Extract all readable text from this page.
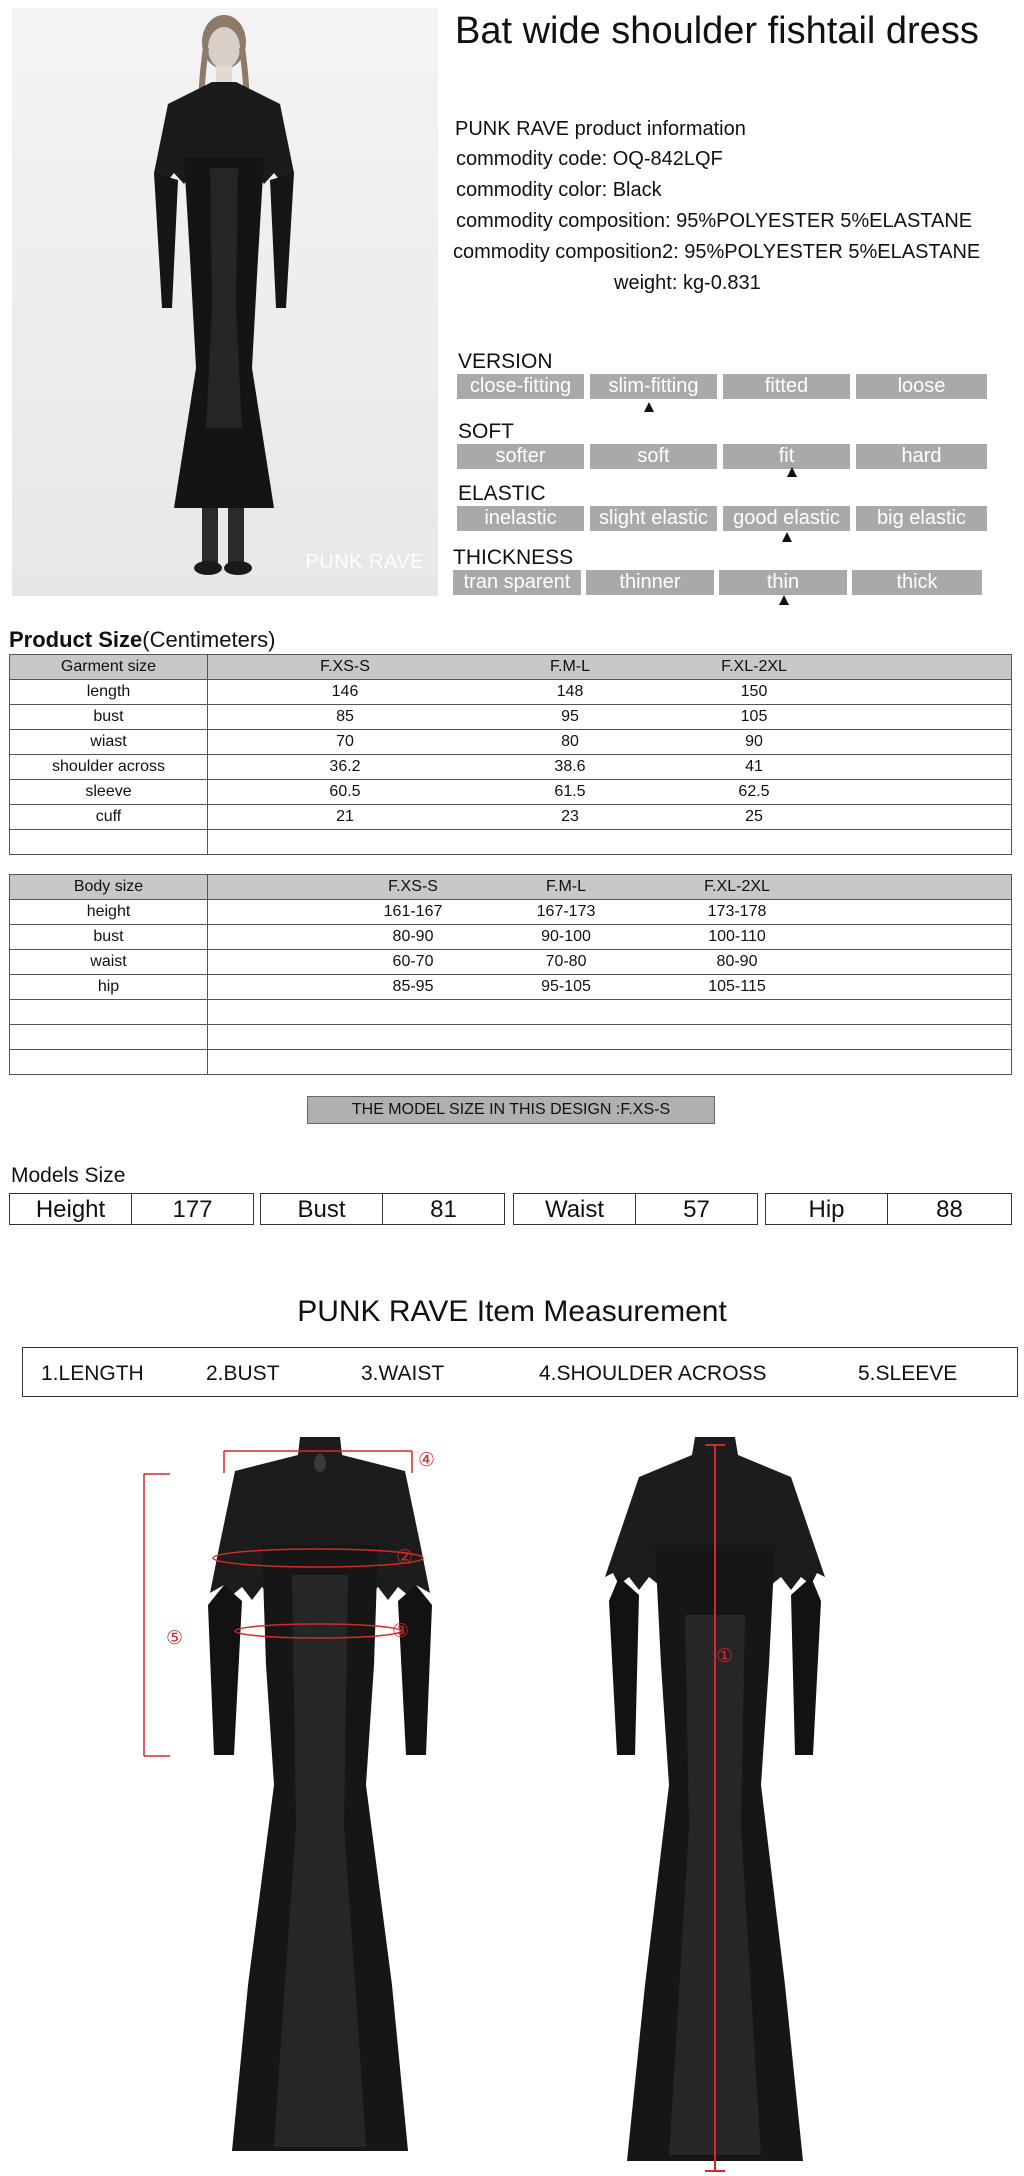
PUNK RAVE
Bat wide shoulder fishtail dress
PUNK RAVE product information
commodity code: OQ-842LQF
commodity color: Black
commodity composition: 95%POLYESTER 5%ELASTANE
commodity composition2: 95%POLYESTER 5%ELASTANE
weight: kg-0.831
VERSION
close-fitting	slim-fitting	fitted	loose
SOFT
softer	soft	fit	hard
ELASTIC
inelastic	slight elastic	good elastic	big elastic
THICKNESS
tran sparent	thinner	thin	thick
Product Size(Centimeters)
Garment size	F.XS-S F.M-L F.XL-2XL

length	146 148 150

bust	85 95 105

wiast	70 80 90

shoulder across	36.2 38.6 41

sleeve	60.5 61.5 62.5

cuff	21 23 25

Body size	F.XS-S F.M-L F.XL-2XL

height	161-167 167-173 173-178

bust	80-90 90-100 100-110

waist	60-70 70-80 80-90

hip	85-95 95-105 105-115

THE MODEL SIZE IN THIS DESIGN :F.XS-S
Models Size
Height	177	Bust	81	Waist	57	Hip	88
PUNK RAVE Item Measurement
1.LENGTH	2.BUST	3.WAIST	4.SHOULDER ACROSS	5.SLEEVE
④
②
③
⑤
①
